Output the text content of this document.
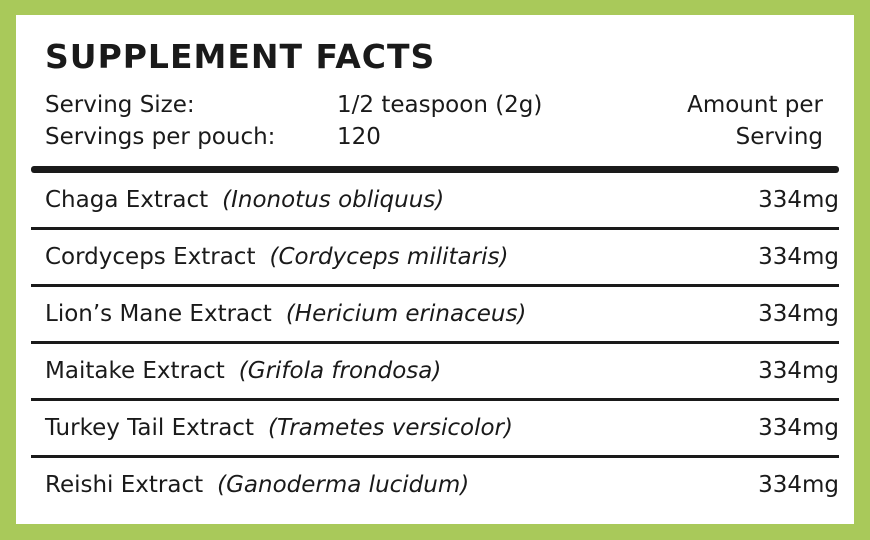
SUPPLEMENT FACTS
Serving Size:	1/2 teaspoon (2g)	Amount per
Servings per pouch:	120	Serving
Chaga Extract (Inonotus obliquus)	334mg
Cordyceps Extract (Cordyceps militaris)	334mg
Lion’s Mane Extract (Hericium erinaceus)	334mg
Maitake Extract (Grifola frondosa)	334mg
Turkey Tail Extract (Trametes versicolor)	334mg
Reishi Extract (Ganoderma lucidum)	334mg
